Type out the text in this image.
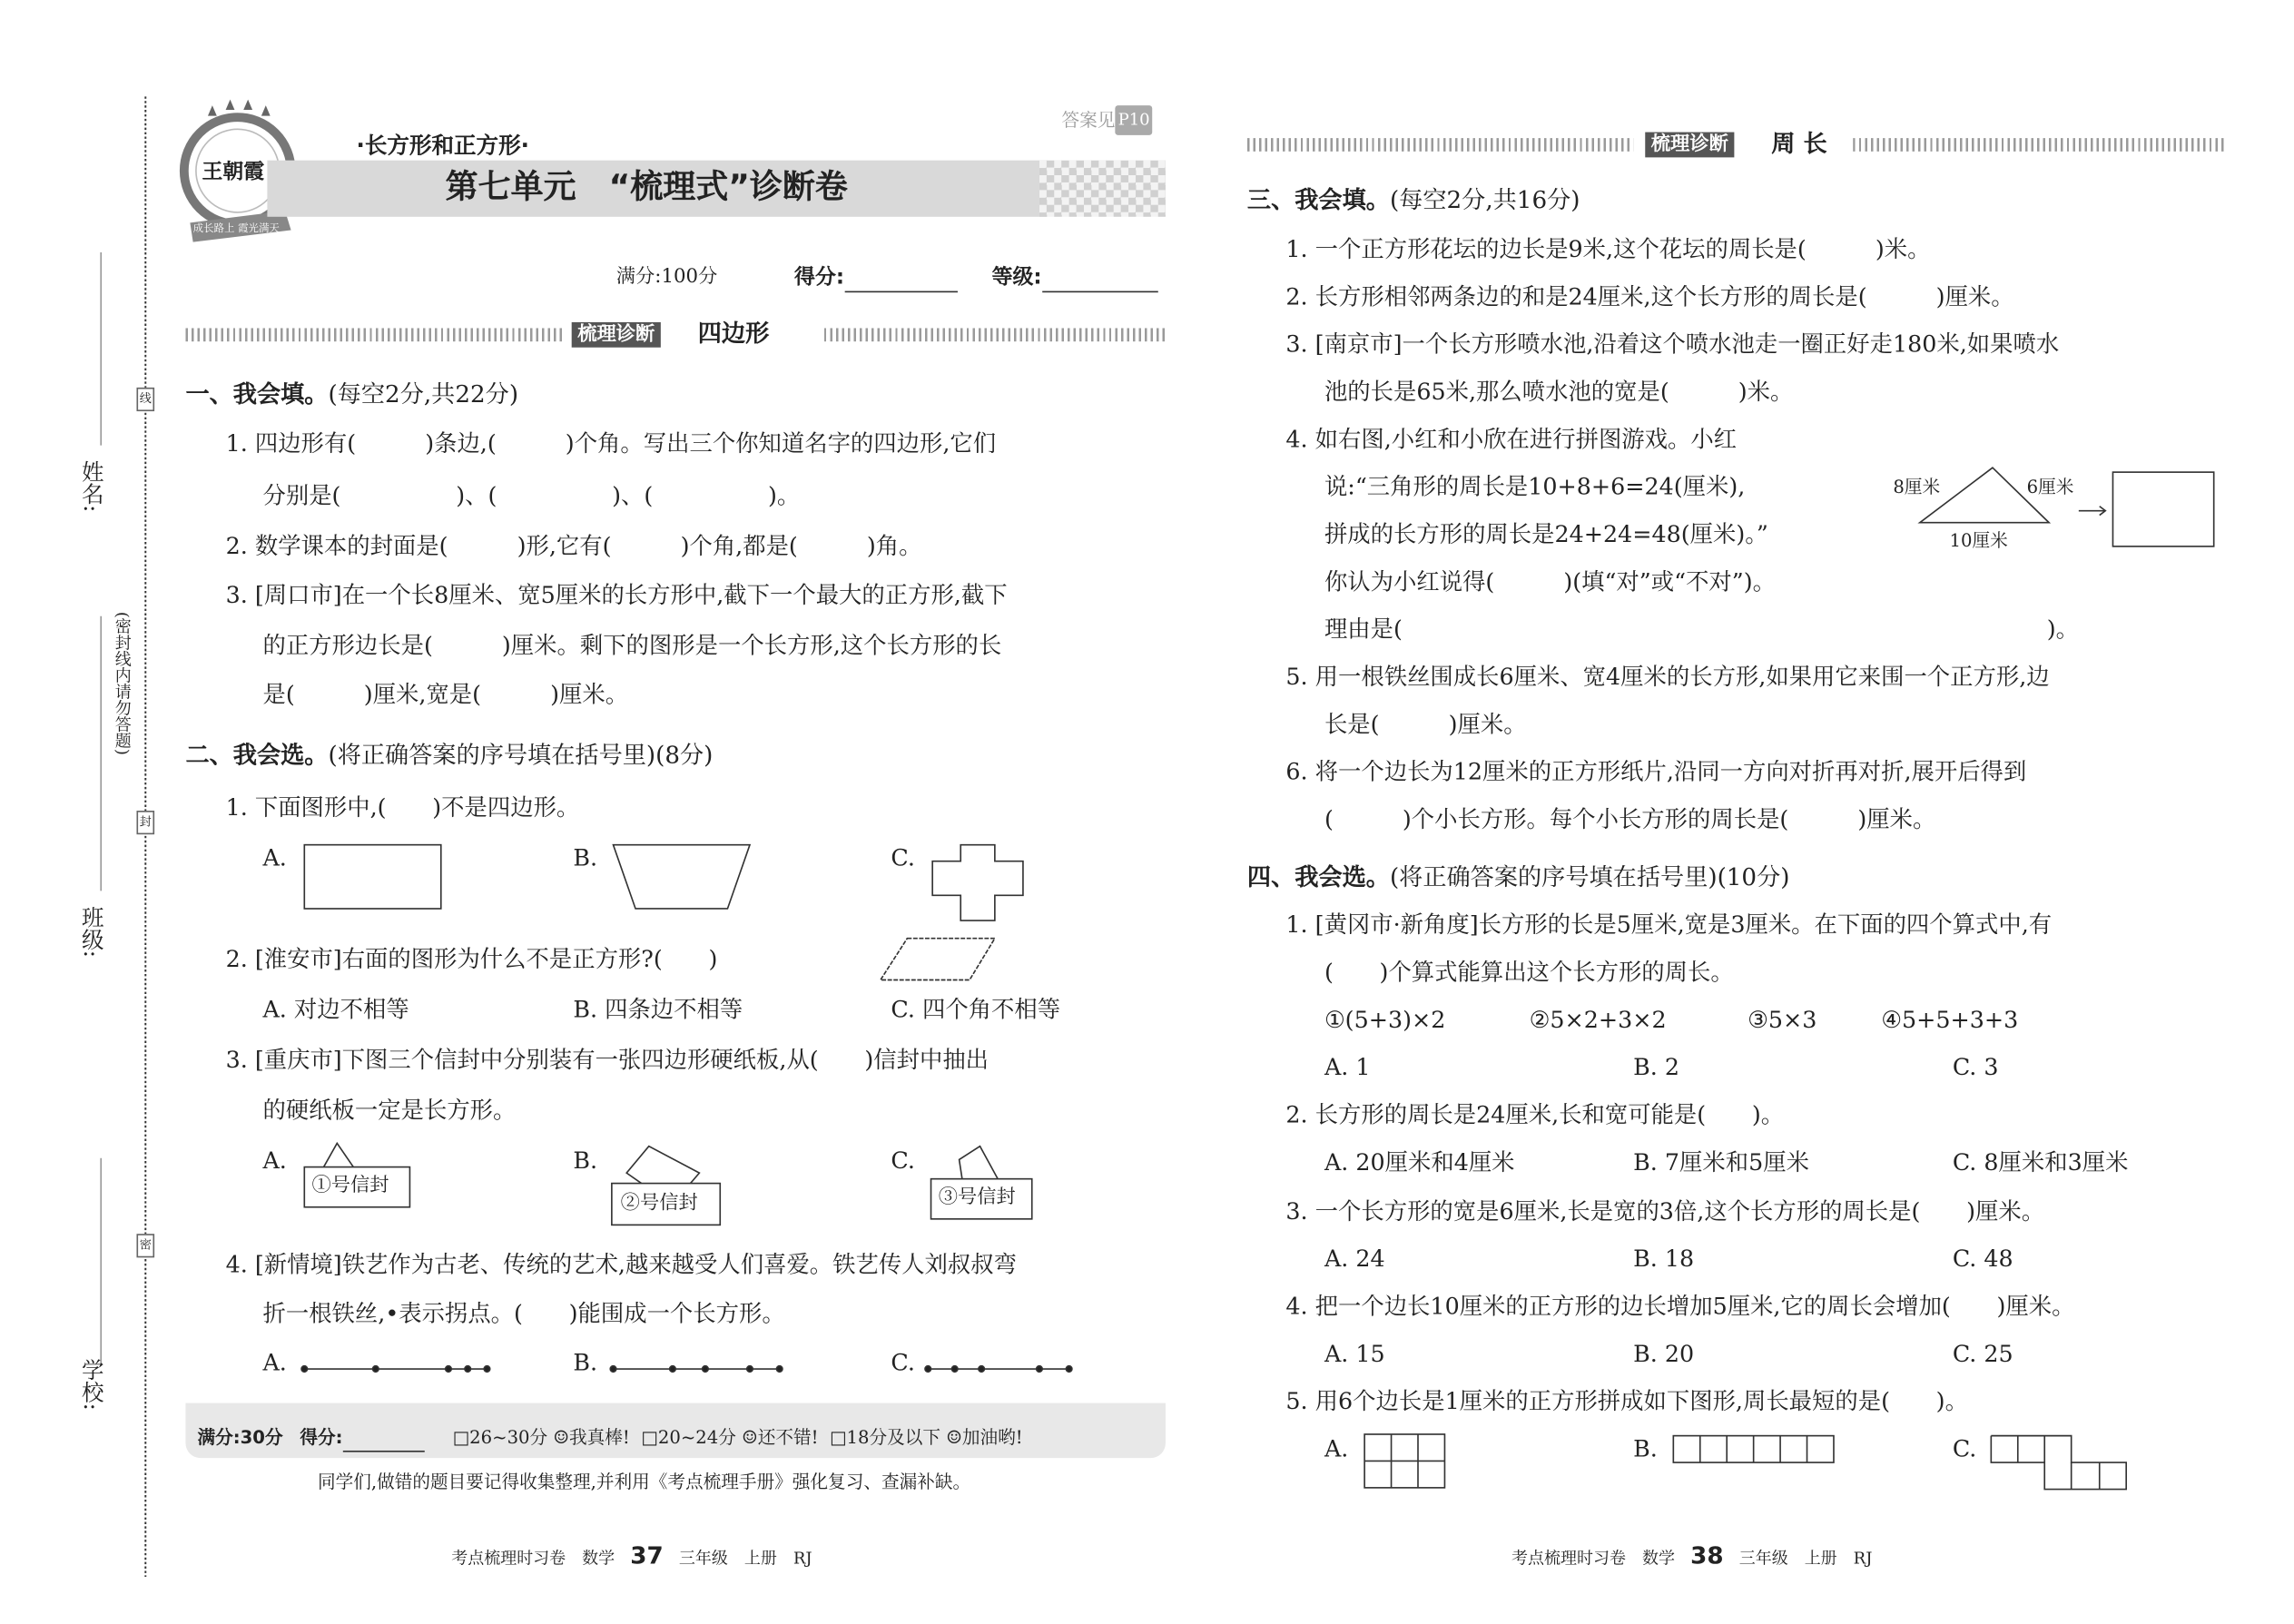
姓名:
班级:
学校:
(密封线内请勿答题)
线
封
密
王朝霞
成长路上 霞光满天
答案见 P10
·长方形和正方形·
第七单元　“梳理式”诊断卷
满分:100分	得分:	等级:
梳理诊断	四边形
一、我会填。(每空2分,共22分)
1. 四边形有(　　　)条边,(　　　)个角。写出三个你知道名字的四边形,它们
分别是(　　　　　)、(　　　　　)、(　　　　　)。
2. 数学课本的封面是(　　　)形,它有(　　　)个角,都是(　　　)角。
3. [周口市]在一个长8厘米、宽5厘米的长方形中,截下一个最大的正方形,截下
的正方形边长是(　　　)厘米。剩下的图形是一个长方形,这个长方形的长
是(　　　)厘米,宽是(　　　)厘米。
二、我会选。(将正确答案的序号填在括号里)(8分)
1. 下面图形中,(　　)不是四边形。
A.	B.	C.
2. [淮安市]右面的图形为什么不是正方形?(　　)
A. 对边不相等	B. 四条边不相等	C. 四个角不相等
3. [重庆市]下图三个信封中分别装有一张四边形硬纸板,从(　　)信封中抽出
的硬纸板一定是长方形。
A.	B.	C.
①号信封
②号信封	③号信封
4. [新情境]铁艺作为古老、传统的艺术,越来越受人们喜爱。铁艺传人刘叔叔弯
折一根铁丝,•表示拐点。(　　)能围成一个长方形。
A.	B.	C.
满分:30分 得分:	□26~30分 ☺我真棒! □20~24分 ☺还不错! □18分及以下 ☺加油哟!
同学们,做错的题目要记得收集整理,并利用《考点梳理手册》强化复习、查漏补缺。
考点梳理时习卷　数学 37 三年级　上册　RJ
梳理诊断	周 长
三、我会填。(每空2分,共16分)
1. 一个正方形花坛的边长是9米,这个花坛的周长是(　　　)米。
2. 长方形相邻两条边的和是24厘米,这个长方形的周长是(　　　)厘米。
3. [南京市]一个长方形喷水池,沿着这个喷水池走一圈正好走180米,如果喷水
池的长是65米,那么喷水池的宽是(　　　)米。
4. 如右图,小红和小欣在进行拼图游戏。小红
说:“三角形的周长是10+8+6=24(厘米),
拼成的长方形的周长是24+24=48(厘米)。”
你认为小红说得(　　　)(填“对”或“不对”)。
理由是(　　　　　　　　　　　　　　　　　　　　　　　　　　　　)。
5. 用一根铁丝围成长6厘米、宽4厘米的长方形,如果用它来围一个正方形,边
长是(　　　)厘米。
6. 将一个边长为12厘米的正方形纸片,沿同一方向对折再对折,展开后得到
(　　　)个小长方形。每个小长方形的周长是(　　　)厘米。
8厘米	6厘米
10厘米
四、我会选。(将正确答案的序号填在括号里)(10分)
1. [黄冈市·新角度]长方形的长是5厘米,宽是3厘米。在下面的四个算式中,有
(　　)个算式能算出这个长方形的周长。
①(5+3)×2	②5×2+3×2	③5×3	④5+5+3+3
A. 1	B. 2	C. 3
2. 长方形的周长是24厘米,长和宽可能是(　　)。
A. 20厘米和4厘米	B. 7厘米和5厘米	C. 8厘米和3厘米
3. 一个长方形的宽是6厘米,长是宽的3倍,这个长方形的周长是(　　)厘米。
A. 24	B. 18	C. 48
4. 把一个边长10厘米的正方形的边长增加5厘米,它的周长会增加(　　)厘米。
A. 15	B. 20	C. 25
5. 用6个边长是1厘米的正方形拼成如下图形,周长最短的是(　　)。
A.	B.	C.
考点梳理时习卷　数学 38 三年级　上册　RJ
